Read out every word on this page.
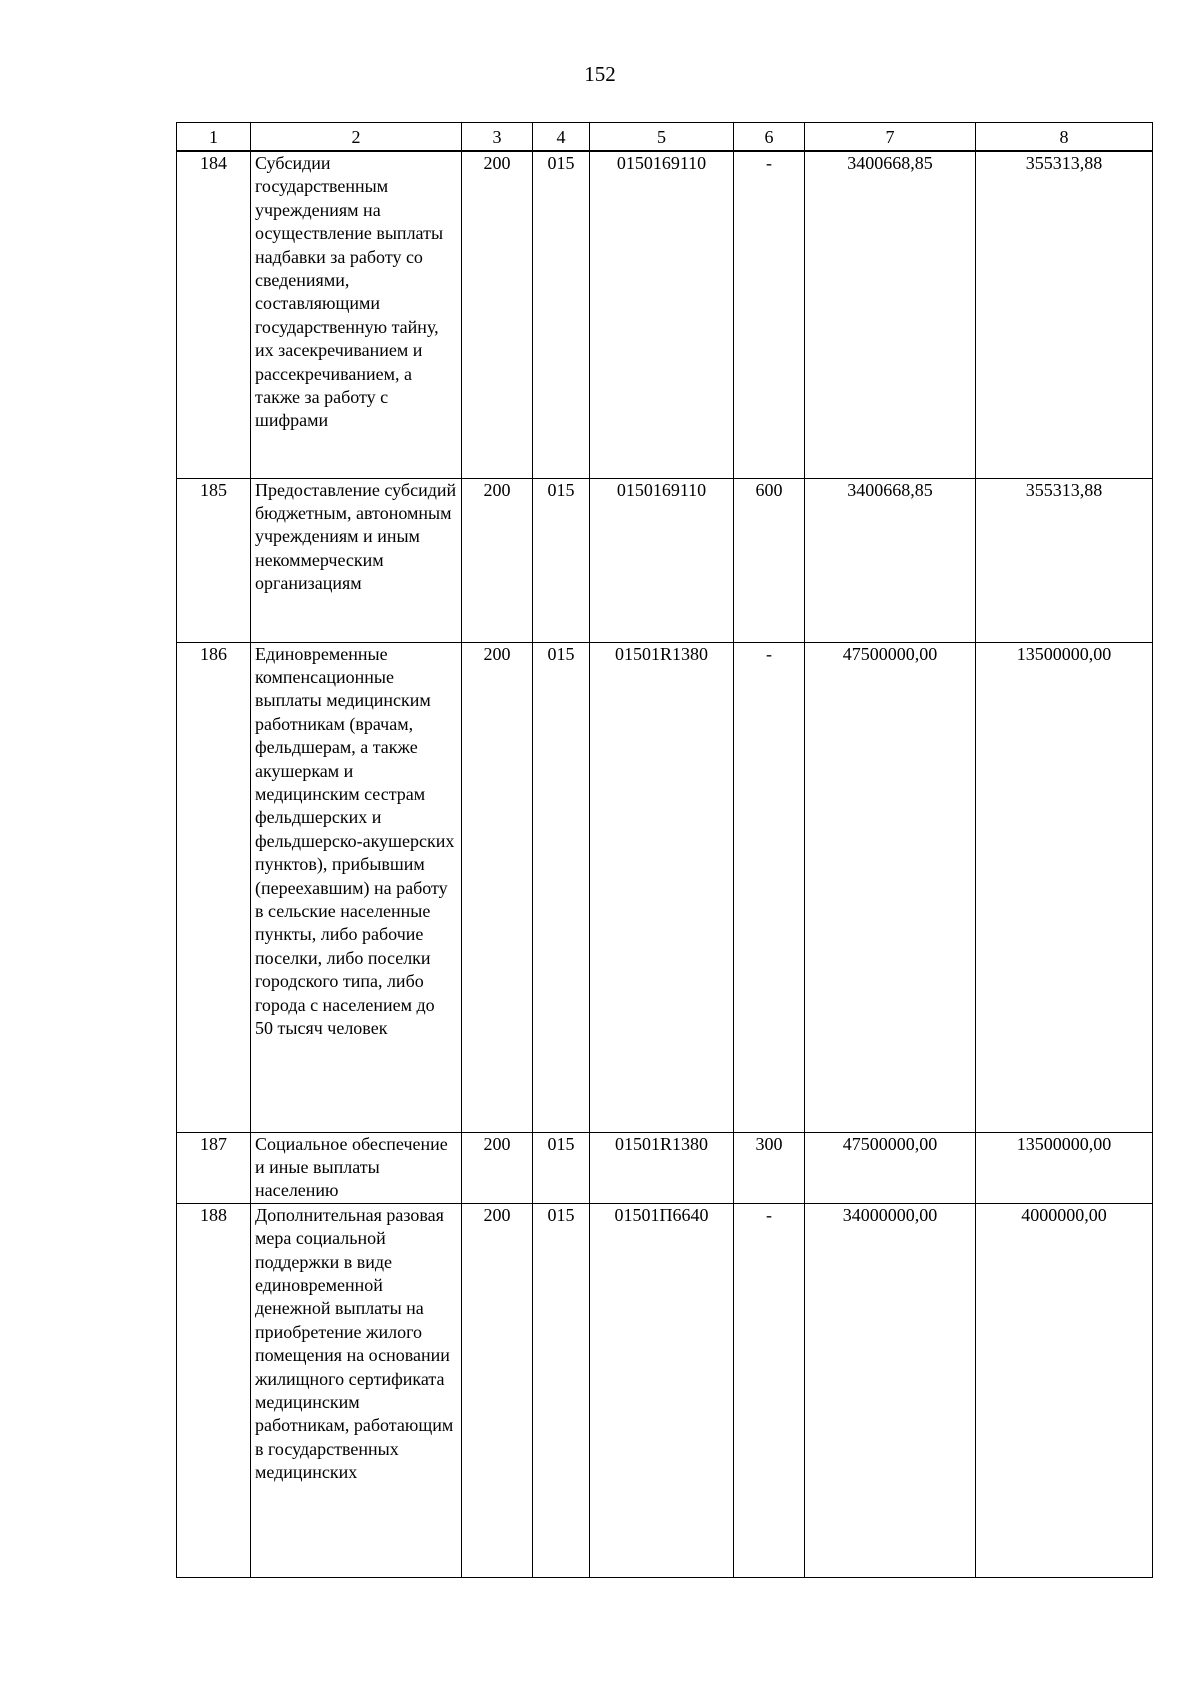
152
1	2	3	4	5	6	7	8
184	Субсидии государственным учреждениям на осуществление выплаты надбавки за работу со сведениями, составляющими государственную тайну, их засекречиванием и рассекречиванием, а также за работу с шифрами	200	015	0150169110	-	3400668,85	355313,88
185	Предоставление субсидий бюджетным, автономным учреждениям и иным некоммерческим организациям	200	015	0150169110	600	3400668,85	355313,88
186	Единовременные компенсационные выплаты медицинским работникам (врачам, фельдшерам, а также акушеркам и медицинским сестрам фельдшерских и фельдшерско-акушерских пунктов), прибывшим (переехавшим) на работу в сельские населенные пункты, либо рабочие поселки, либо поселки городского типа, либо города с населением до 50 тысяч человек	200	015	01501R1380	-	47500000,00	13500000,00
187	Социальное обеспечение и иные выплаты населению	200	015	01501R1380	300	47500000,00	13500000,00
188	Дополнительная разовая мера социальной поддержки в виде единовременной денежной выплаты на приобретение жилого помещения на основании жилищного сертификата медицинским работникам, работающим в государственных медицинских	200	015	01501П6640	-	34000000,00	4000000,00
